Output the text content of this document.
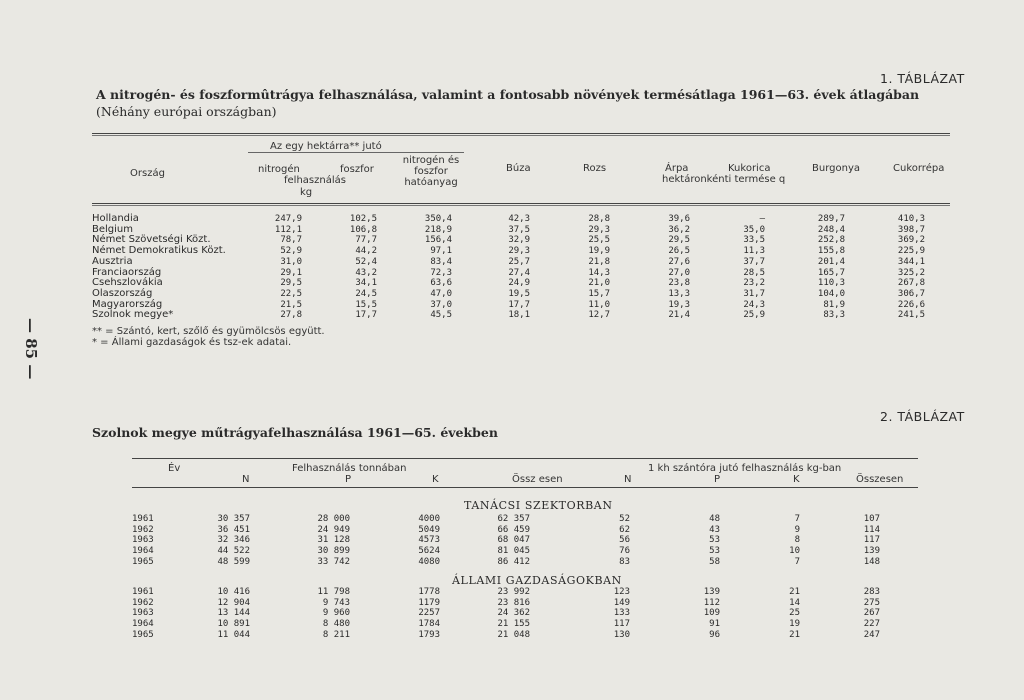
1. TÁBLÁZAT
A nitrogén- és foszformûtrágya felhasználása, valamint a fontosabb növények termésátlaga 1961—63. évek átlagában
(Néhány európai országban)
Az egy hektárra** jutó
Ország	nitrogén	foszfor
felhasználás
nitrogén és foszfor hatóanyag
kg
Búza	Rozs	Árpa	Kukorica	Burgonya	Cukorrépa
hektáronkénti termése q
Hollandia	247,9	102,5	350,4	42,3	28,8	39,6	—	289,7	410,3
Belgium	112,1	106,8	218,9	37,5	29,3	36,2	35,0	248,4	398,7
Német Szövetségi Közt.	78,7	77,7	156,4	32,9	25,5	29,5	33,5	252,8	369,2
Német Demokratikus Közt.	52,9	44,2	97,1	29,3	19,9	26,5	11,3	155,8	225,9
Ausztria	31,0	52,4	83,4	25,7	21,8	27,6	37,7	201,4	344,1
Franciaország	29,1	43,2	72,3	27,4	14,3	27,0	28,5	165,7	325,2
Csehszlovákia	29,5	34,1	63,6	24,9	21,0	23,8	23,2	110,3	267,8
Olaszország	22,5	24,5	47,0	19,5	15,7	13,3	31,7	104,0	306,7
Magyarország	21,5	15,5	37,0	17,7	11,0	19,3	24,3	81,9	226,6
Szolnok megye*	27,8	17,7	45,5	18,1	12,7	21,4	25,9	83,3	241,5
** = Szántó, kert, szőlő és gyümölcsös együtt.
* = Állami gazdaságok és tsz-ek adatai.
— 85 —
2. TÁBLÁZAT
Szolnok megye műtrágyafelhasználása 1961—65. években
Év	Felhasználás tonnában	1 kh szántóra jutó felhasználás kg-ban
N	P	K	Össz esen	N	P	K	Összesen
TANÁCSI SZEKTORBAN
1961	30 357	28 000	4000	62 357	52	48	7	107
1962	36 451	24 949	5049	66 459	62	43	9	114
1963	32 346	31 128	4573	68 047	56	53	8	117
1964	44 522	30 899	5624	81 045	76	53	10	139
1965	48 599	33 742	4080	86 412	83	58	7	148
ÁLLAMI GAZDASÁGOKBAN
1961	10 416	11 798	1778	23 992	123	139	21	283
1962	12 904	9 743	1179	23 816	149	112	14	275
1963	13 144	9 960	2257	24 362	133	109	25	267
1964	10 891	8 480	1784	21 155	117	91	19	227
1965	11 044	8 211	1793	21 048	130	96	21	247
